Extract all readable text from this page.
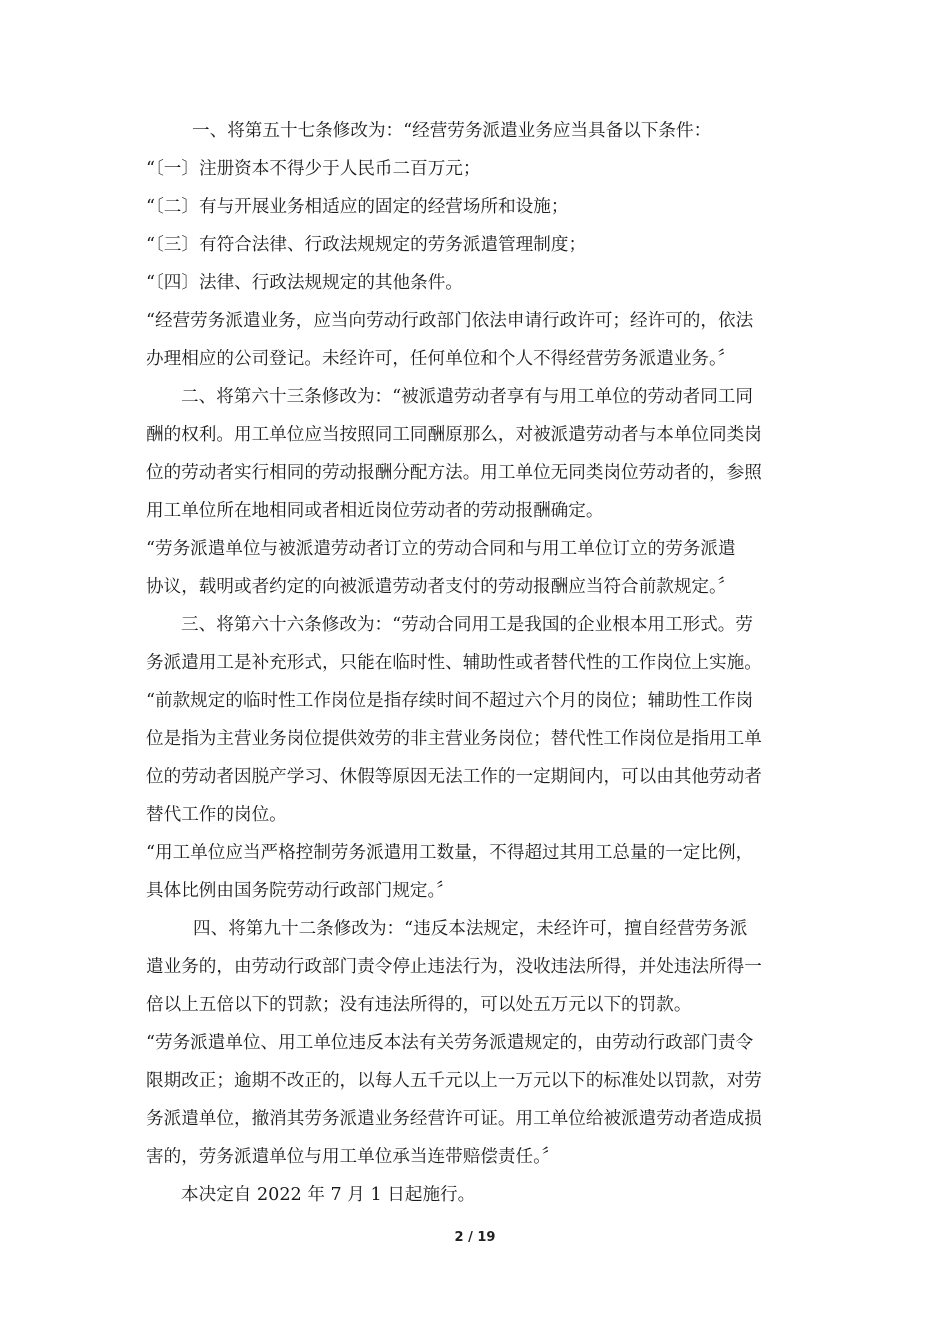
一、将第五十七条修改为：“经营劳务派遣业务应当具备以下条件：
“〔一〕注册资本不得少于人民币二百万元；
“〔二〕有与开展业务相适应的固定的经营场所和设施；
“〔三〕有符合法律、行政法规规定的劳务派遣管理制度；
“〔四〕法律、行政法规规定的其他条件。
“经营劳务派遣业务，应当向劳动行政部门依法申请行政许可；经许可的，依法
办理相应的公司登记。未经许可，任何单位和个人不得经营劳务派遣业务。〞
二、将第六十三条修改为：“被派遣劳动者享有与用工单位的劳动者同工同
酬的权利。用工单位应当按照同工同酬原那么，对被派遣劳动者与本单位同类岗
位的劳动者实行相同的劳动报酬分配方法。用工单位无同类岗位劳动者的，参照
用工单位所在地相同或者相近岗位劳动者的劳动报酬确定。
“劳务派遣单位与被派遣劳动者订立的劳动合同和与用工单位订立的劳务派遣
协议，载明或者约定的向被派遣劳动者支付的劳动报酬应当符合前款规定。〞
三、将第六十六条修改为：“劳动合同用工是我国的企业根本用工形式。劳
务派遣用工是补充形式，只能在临时性、辅助性或者替代性的工作岗位上实施。
“前款规定的临时性工作岗位是指存续时间不超过六个月的岗位；辅助性工作岗
位是指为主营业务岗位提供效劳的非主营业务岗位；替代性工作岗位是指用工单
位的劳动者因脱产学习、休假等原因无法工作的一定期间内，可以由其他劳动者
替代工作的岗位。
“用工单位应当严格控制劳务派遣用工数量，不得超过其用工总量的一定比例，
具体比例由国务院劳动行政部门规定。〞
四、将第九十二条修改为：“违反本法规定，未经许可，擅自经营劳务派
遣业务的，由劳动行政部门责令停止违法行为，没收违法所得，并处违法所得一
倍以上五倍以下的罚款；没有违法所得的，可以处五万元以下的罚款。
“劳务派遣单位、用工单位违反本法有关劳务派遣规定的，由劳动行政部门责令
限期改正；逾期不改正的，以每人五千元以上一万元以下的标准处以罚款，对劳
务派遣单位，撤消其劳务派遣业务经营许可证。用工单位给被派遣劳动者造成损
害的，劳务派遣单位与用工单位承当连带赔偿责任。〞
本决定自 2022 年 7 月 1 日起施行。
2 / 19
